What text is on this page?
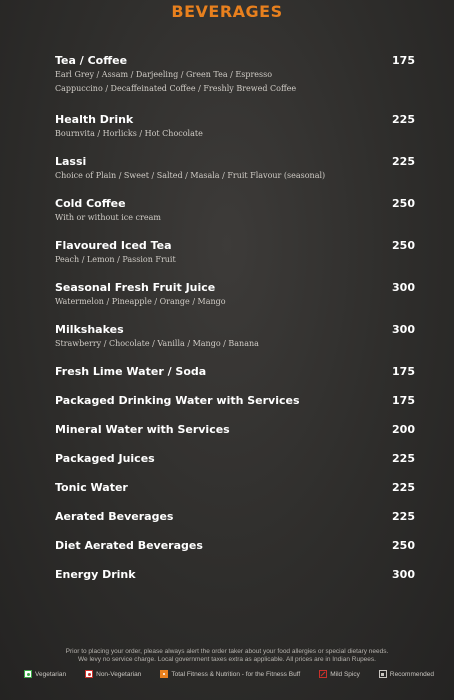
BEVERAGES
Tea / Coffee	175
Earl Grey / Assam / Darjeeling / Green Tea / Espresso
Cappuccino / Decaffeinated Coffee / Freshly Brewed Coffee
Health Drink	225
Bournvita / Horlicks / Hot Chocolate
Lassi	225
Choice of Plain / Sweet / Salted / Masala / Fruit Flavour (seasonal)
Cold Coffee	250
With or without ice cream
Flavoured Iced Tea	250
Peach / Lemon / Passion Fruit
Seasonal Fresh Fruit Juice	300
Watermelon / Pineapple / Orange / Mango
Milkshakes	300
Strawberry / Chocolate / Vanilla / Mango / Banana
Fresh Lime Water / Soda	175
Packaged Drinking Water with Services	175
Mineral Water with Services	200
Packaged Juices	225
Tonic Water	225
Aerated Beverages	225
Diet Aerated Beverages	250
Energy Drink	300
Prior to placing your order, please always alert the order taker about your food allergies or special dietary needs.
We levy no service charge. Local government taxes extra as applicable. All prices are in Indian Rupees.
Vegetarian	Non-Vegetarian	Total Fitness & Nutrition - for the Fitness Buff	Mild Spicy	Recommended
